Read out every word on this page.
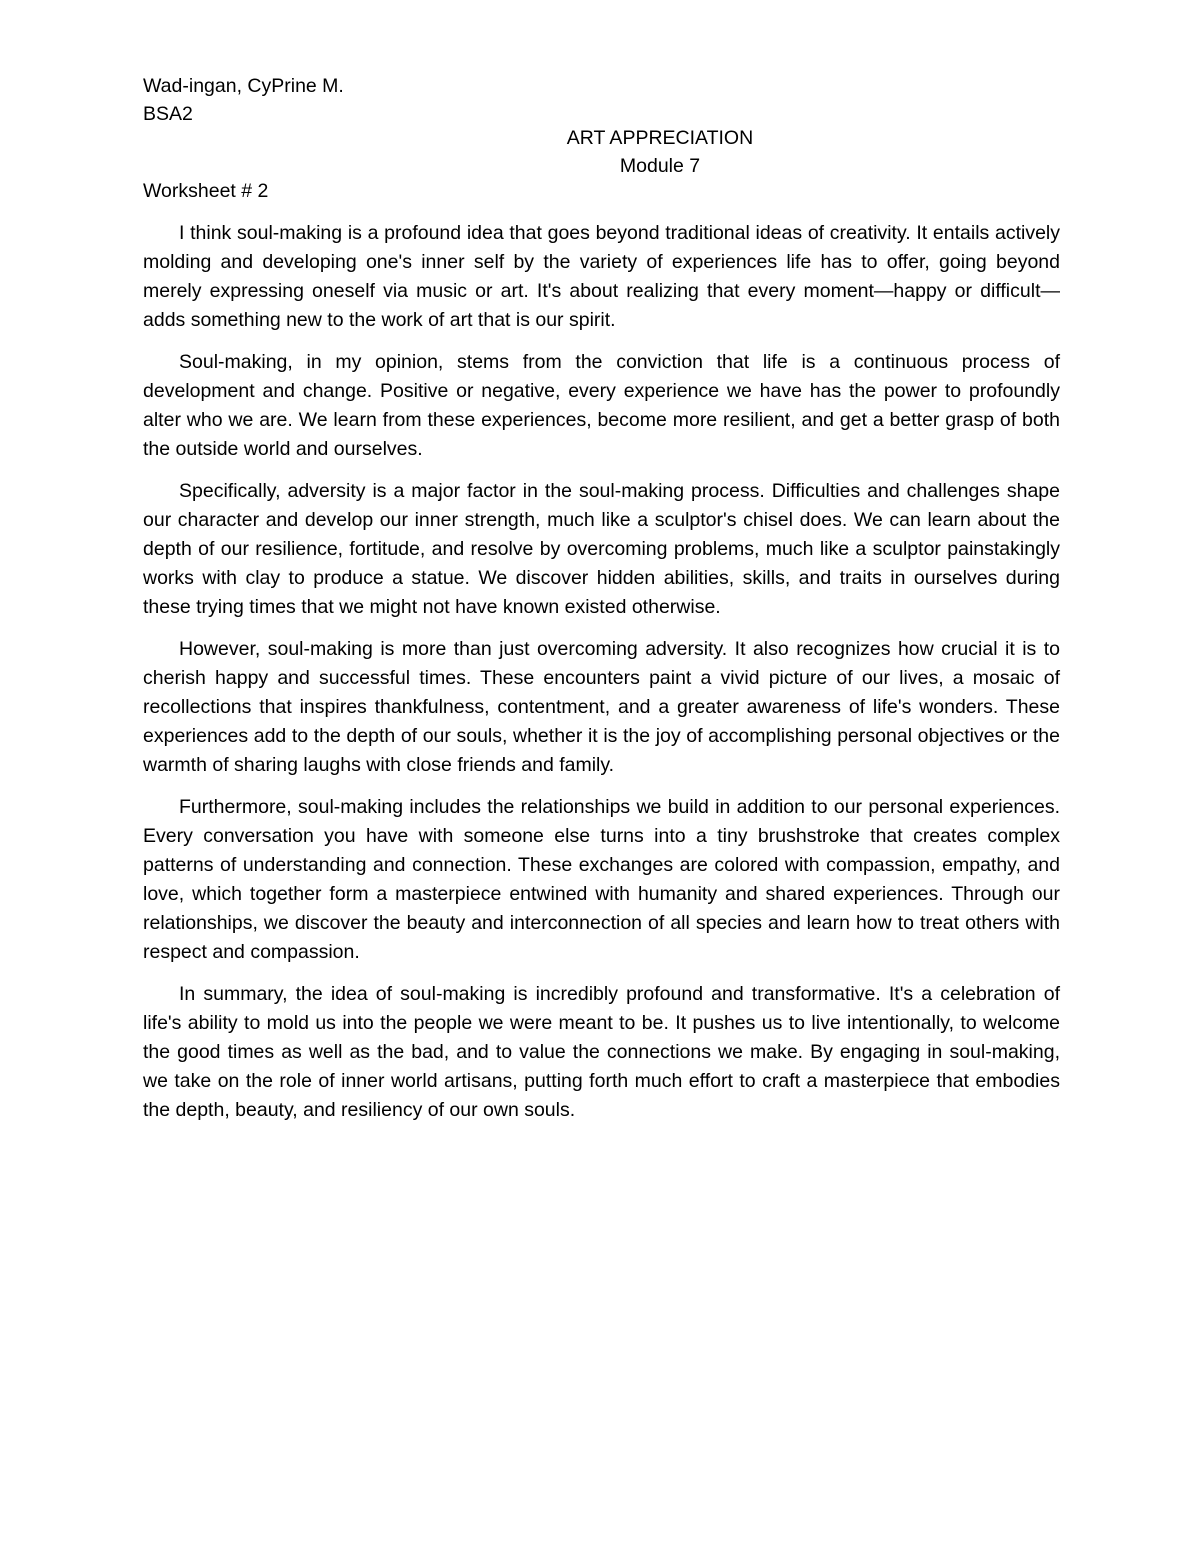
Wad-ingan, CyPrine M.
BSA2
ART APPRECIATION
Module 7
Worksheet # 2

I think soul-making is a profound idea that goes beyond traditional ideas of creativity. It entails actively molding and developing one's inner self by the variety of experiences life has to offer, going beyond merely expressing oneself via music or art. It's about realizing that every moment—happy or difficult—adds something new to the work of art that is our spirit.

Soul-making, in my opinion, stems from the conviction that life is a continuous process of development and change. Positive or negative, every experience we have has the power to profoundly alter who we are. We learn from these experiences, become more resilient, and get a better grasp of both the outside world and ourselves.

Specifically, adversity is a major factor in the soul-making process. Difficulties and challenges shape our character and develop our inner strength, much like a sculptor's chisel does. We can learn about the depth of our resilience, fortitude, and resolve by overcoming problems, much like a sculptor painstakingly works with clay to produce a statue. We discover hidden abilities, skills, and traits in ourselves during these trying times that we might not have known existed otherwise.

However, soul-making is more than just overcoming adversity. It also recognizes how crucial it is to cherish happy and successful times. These encounters paint a vivid picture of our lives, a mosaic of recollections that inspires thankfulness, contentment, and a greater awareness of life's wonders. These experiences add to the depth of our souls, whether it is the joy of accomplishing personal objectives or the warmth of sharing laughs with close friends and family.

Furthermore, soul-making includes the relationships we build in addition to our personal experiences. Every conversation you have with someone else turns into a tiny brushstroke that creates complex patterns of understanding and connection. These exchanges are colored with compassion, empathy, and love, which together form a masterpiece entwined with humanity and shared experiences. Through our relationships, we discover the beauty and interconnection of all species and learn how to treat others with respect and compassion.

In summary, the idea of soul-making is incredibly profound and transformative. It's a celebration of life's ability to mold us into the people we were meant to be. It pushes us to live intentionally, to welcome the good times as well as the bad, and to value the connections we make. By engaging in soul-making, we take on the role of inner world artisans, putting forth much effort to craft a masterpiece that embodies the depth, beauty, and resiliency of our own souls.
